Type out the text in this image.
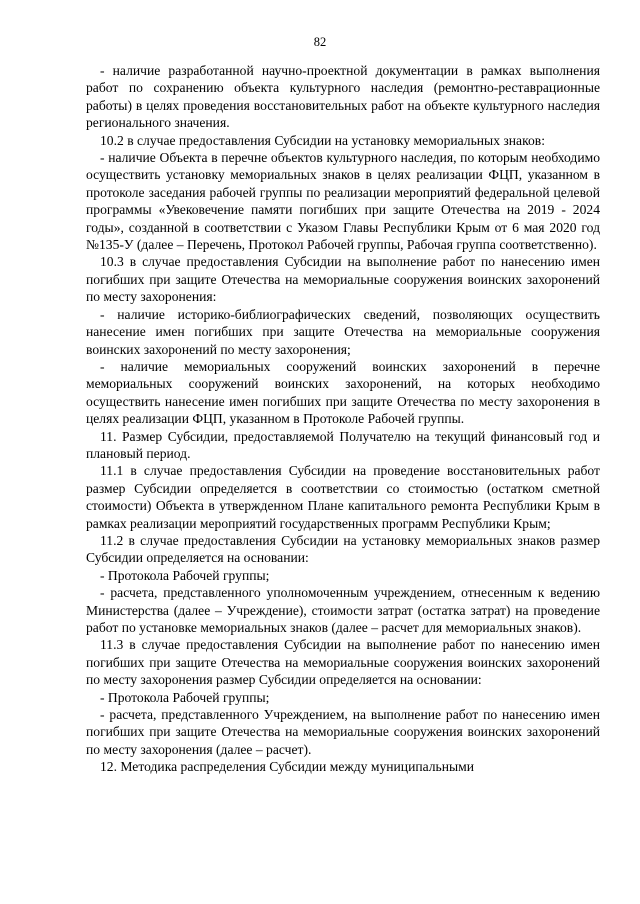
82

- наличие разработанной научно-проектной документации в рамках выполнения работ по сохранению объекта культурного наследия (ремонтно-реставрационные работы) в целях проведения восстановительных работ на объекте культурного наследия регионального значения.

10.2 в случае предоставления Субсидии на установку мемориальных знаков:

- наличие Объекта в перечне объектов культурного наследия, по которым необходимо осуществить установку мемориальных знаков в целях реализации ФЦП, указанном в протоколе заседания рабочей группы по реализации мероприятий федеральной целевой программы «Увековечение памяти погибших при защите Отечества на 2019 - 2024 годы», созданной в соответствии с Указом Главы Республики Крым от 6 мая 2020 год №135-У (далее – Перечень, Протокол Рабочей группы, Рабочая группа соответственно).

10.3 в случае предоставления Субсидии на выполнение работ по нанесению имен погибших при защите Отечества на мемориальные сооружения воинских захоронений по месту захоронения:

- наличие историко-библиографических сведений, позволяющих осуществить нанесение имен погибших при защите Отечества на мемориальные сооружения воинских захоронений по месту захоронения;

- наличие мемориальных сооружений воинских захоронений в перечне мемориальных сооружений воинских захоронений, на которых необходимо осуществить нанесение имен погибших при защите Отечества по месту захоронения в целях реализации ФЦП, указанном в Протоколе Рабочей группы.

11. Размер Субсидии, предоставляемой Получателю на текущий финансовый год и плановый период.

11.1 в случае предоставления Субсидии на проведение восстановительных работ размер Субсидии определяется в соответствии со стоимостью (остатком сметной стоимости) Объекта в утвержденном Плане капитального ремонта Республики Крым в рамках реализации мероприятий государственных программ Республики Крым;

11.2 в случае предоставления Субсидии на установку мемориальных знаков размер Субсидии определяется на основании:

- Протокола Рабочей группы;

- расчета, представленного уполномоченным учреждением, отнесенным к ведению Министерства (далее – Учреждение), стоимости затрат (остатка затрат) на проведение работ по установке мемориальных знаков (далее – расчет для мемориальных знаков).

11.3 в случае предоставления Субсидии на выполнение работ по нанесению имен погибших при защите Отечества на мемориальные сооружения воинских захоронений по месту захоронения размер Субсидии определяется на основании:

- Протокола Рабочей группы;

- расчета, представленного Учреждением, на выполнение работ по нанесению имен погибших при защите Отечества на мемориальные сооружения воинских захоронений по месту захоронения (далее – расчет).

12. Методика распределения Субсидии между муниципальными
